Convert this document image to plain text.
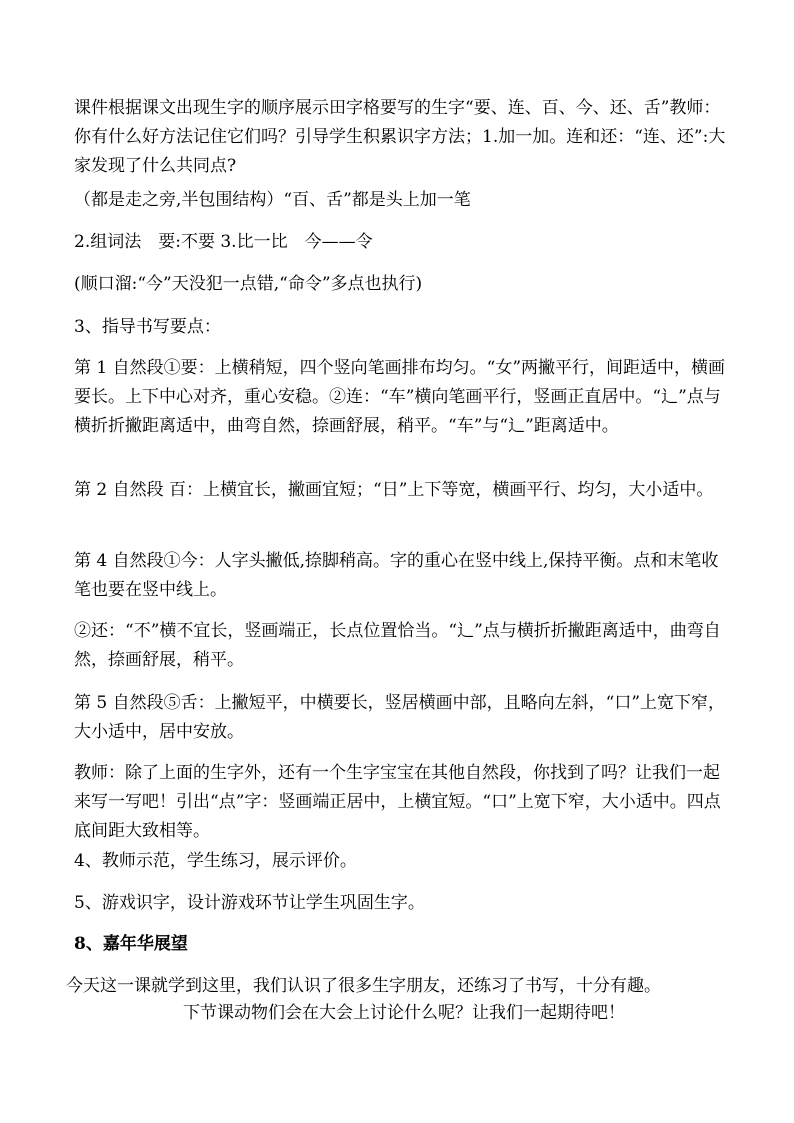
课件根据课文出现生字的顺序展示田字格要写的生字“要、连、百、今、还、舌”教师：你有什么好方法记住它们吗？引导学生积累识字方法；1.加一加。连和还：“连、还”:大家发现了什么共同点?

（都是走之旁,半包围结构）“百、舌”都是头上加一笔

2.组词法　要:不要 3.比一比　今——令

(顺口溜:“今”天没犯一点错,“命令”多点也执行)

3、指导书写要点：

第 1 自然段①要：上横稍短，四个竖向笔画排布均匀。“女”两撇平行，间距适中，横画要长。上下中心对齐，重心安稳。②连：“车”横向笔画平行，竖画正直居中。“辶”点与横折折撇距离适中，曲弯自然，捺画舒展，稍平。“车”与“辶”距离适中。

第 2 自然段 百：上横宜长，撇画宜短；“日”上下等宽，横画平行、均匀，大小适中。

第 4 自然段①今：人字头撇低,捺脚稍高。字的重心在竖中线上,保持平衡。点和末笔收笔也要在竖中线上。

②还：“不”横不宜长，竖画端正，长点位置恰当。“辶”点与横折折撇距离适中，曲弯自然，捺画舒展，稍平。

第 5 自然段⑤舌：上撇短平，中横要长，竖居横画中部，且略向左斜，“口”上宽下窄，大小适中，居中安放。

教师：除了上面的生字外，还有一个生字宝宝在其他自然段，你找到了吗？让我们一起来写一写吧！引出“点”字：竖画端正居中，上横宜短。“口”上宽下窄，大小适中。四点底间距大致相等。

4、教师示范，学生练习，展示评价。

5、游戏识字，设计游戏环节让学生巩固生字。

8、嘉年华展望

今天这一课就学到这里，我们认识了很多生字朋友，还练习了书写，十分有趣。

下节课动物们会在大会上讨论什么呢？让我们一起期待吧！
